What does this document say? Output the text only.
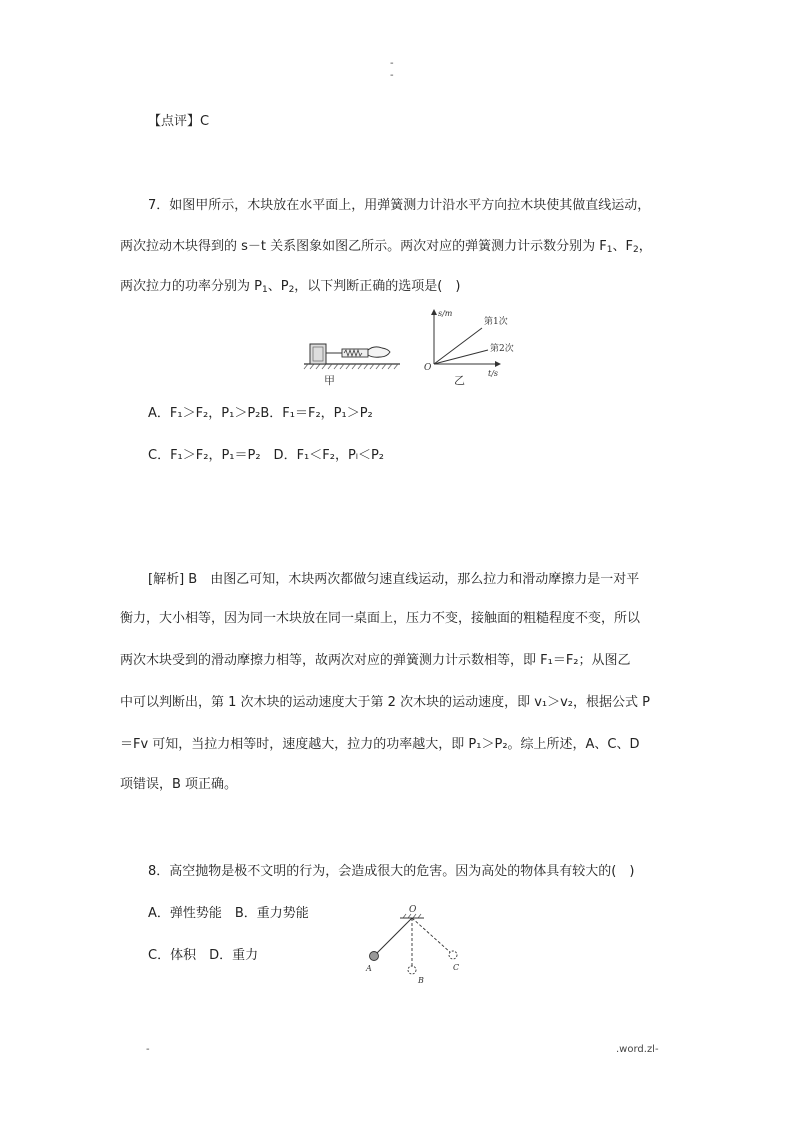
-
-
【点评】C
7．如图甲所示，木块放在水平面上，用弹簧测力计沿水平方向拉木块使其做直线运动，
两次拉动木块得到的 s－t 关系图象如图乙所示。两次对应的弹簧测力计示数分别为 $F_1$、$F_2$，
两次拉力的功率分别为 $P_1$、$P_2$，以下判断正确的选项是(　)
甲
s/m
t/s
O
第1次
第2次
乙
A．F₁＞F₂，P₁＞P₂B．F₁＝F₂，P₁＞P₂
C．F₁＞F₂，P₁＝P₂　D．F₁＜F₂，Pₗ＜P₂
[解析] B　由图乙可知，木块两次都做匀速直线运动，那么拉力和滑动摩擦力是一对平
衡力，大小相等，因为同一木块放在同一桌面上，压力不变，接触面的粗糙程度不变，所以
两次木块受到的滑动摩擦力相等，故两次对应的弹簧测力计示数相等，即 F₁＝F₂；从图乙
中可以判断出，第 1 次木块的运动速度大于第 2 次木块的运动速度，即 v₁＞v₂，根据公式 P
＝Fv 可知，当拉力相等时，速度越大，拉力的功率越大，即 P₁＞P₂。综上所述，A、C、D
项错误，B 项正确。
8．高空抛物是极不文明的行为，会造成很大的危害。因为高处的物体具有较大的(　)
A．弹性势能　B．重力势能
C．体积　D．重力
O
A
B
C
-	.word.zl-
